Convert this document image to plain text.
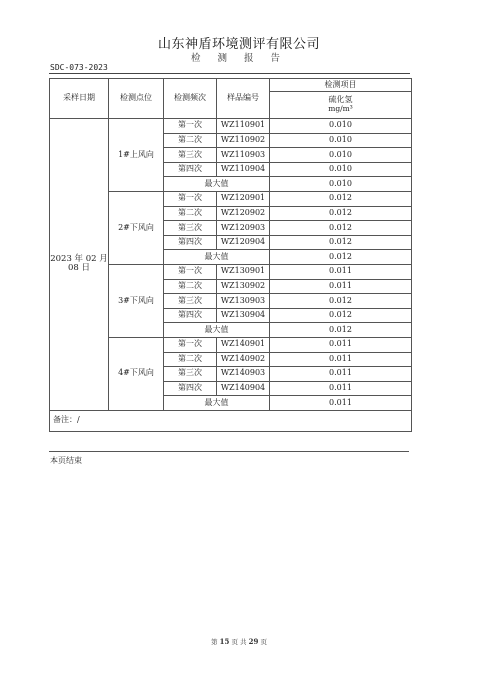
山东神盾环境测评有限公司
检 测 报 告
SDC-073-2023
采样日期	检测点位	检测频次	样品编号	检测项目

				硫化氢
mg/m³

2023 年 02 月 08 日	1#上风向	第一次	WZ110901	0.010
		第二次	WZ110902	0.010
		第三次	WZ110903	0.010
		第四次	WZ110904	0.010
		最大值		0.010
	2#下风向	第一次	WZ120901	0.012
		第二次	WZ120902	0.012
		第三次	WZ120903	0.012
		第四次	WZ120904	0.012
		最大值		0.012
	3#下风向	第一次	WZ130901	0.011
		第二次	WZ130902	0.011
		第三次	WZ130903	0.012
		第四次	WZ130904	0.012
		最大值		0.012
	4#下风向	第一次	WZ140901	0.011
		第二次	WZ140902	0.011
		第三次	WZ140903	0.011
		第四次	WZ140904	0.011
		最大值		0.011
备注：/				
本页结束
第 15 页 共 29 页
